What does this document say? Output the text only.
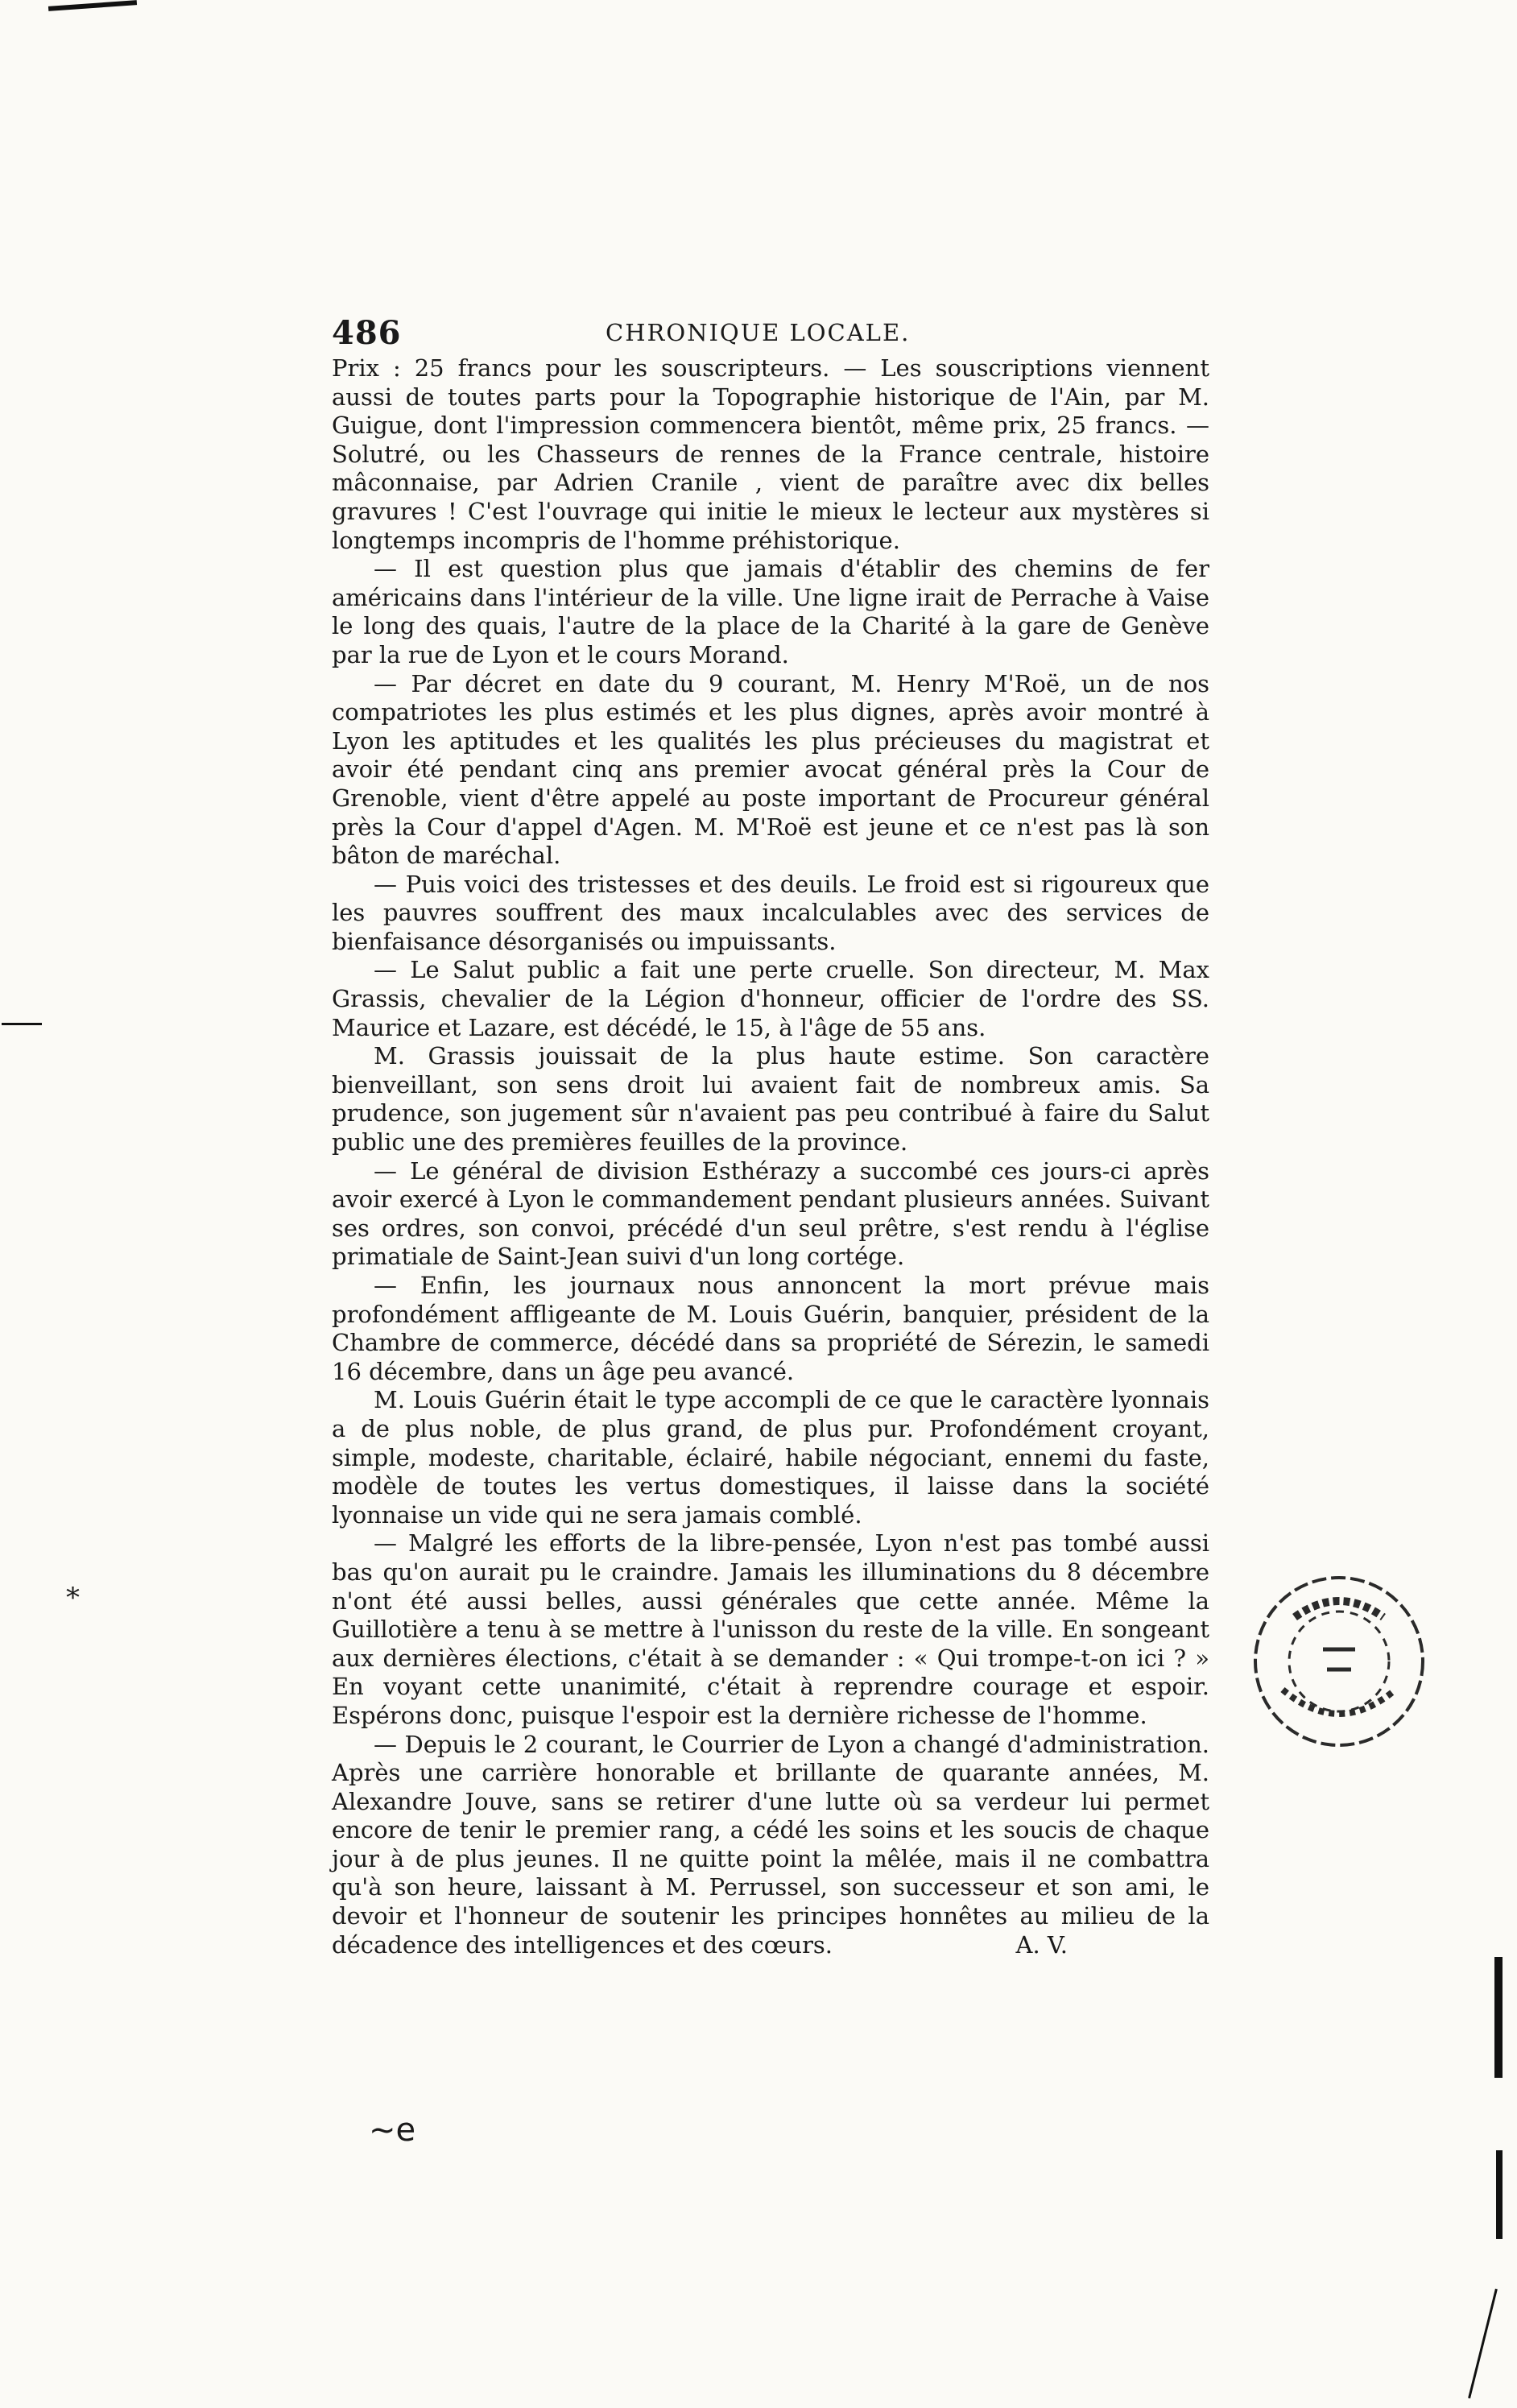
486	CHRONIQUE LOCALE.

Prix : 25 francs pour les souscripteurs. — Les souscriptions viennent aussi de toutes parts pour la Topographie historique de l'Ain, par M. Guigue, dont l'impression commencera bientôt, même prix, 25 francs. — Solutré, ou les Chasseurs de rennes de la France centrale, histoire mâconnaise, par Adrien Cranile , vient de paraître avec dix belles gravures ! C'est l'ouvrage qui initie le mieux le lecteur aux mystères si longtemps incompris de l'homme préhistorique.

— Il est question plus que jamais d'établir des chemins de fer américains dans l'intérieur de la ville. Une ligne irait de Perrache à Vaise le long des quais, l'autre de la place de la Charité à la gare de Genève par la rue de Lyon et le cours Morand.

— Par décret en date du 9 courant, M. Henry M'Roë, un de nos compatriotes les plus estimés et les plus dignes, après avoir montré à Lyon les aptitudes et les qualités les plus précieuses du magistrat et avoir été pendant cinq ans premier avocat général près la Cour de Grenoble, vient d'être appelé au poste important de Procureur général près la Cour d'appel d'Agen. M. M'Roë est jeune et ce n'est pas là son bâton de maréchal.

— Puis voici des tristesses et des deuils. Le froid est si rigoureux que les pauvres souffrent des maux incalculables avec des services de bienfaisance désorganisés ou impuissants.

— Le Salut public a fait une perte cruelle. Son directeur, M. Max Grassis, chevalier de la Légion d'honneur, officier de l'ordre des SS. Maurice et Lazare, est décédé, le 15, à l'âge de 55 ans.

M. Grassis jouissait de la plus haute estime. Son caractère bienveillant, son sens droit lui avaient fait de nombreux amis. Sa prudence, son jugement sûr n'avaient pas peu contribué à faire du Salut public une des premières feuilles de la province.

— Le général de division Esthérazy a succombé ces jours-ci après avoir exercé à Lyon le commandement pendant plusieurs années. Suivant ses ordres, son convoi, précédé d'un seul prêtre, s'est rendu à l'église primatiale de Saint-Jean suivi d'un long cortége.

— Enfin, les journaux nous annoncent la mort prévue mais profondément affligeante de M. Louis Guérin, banquier, président de la Chambre de commerce, décédé dans sa propriété de Sérezin, le samedi 16 décembre, dans un âge peu avancé.

M. Louis Guérin était le type accompli de ce que le caractère lyonnais a de plus noble, de plus grand, de plus pur. Profondément croyant, simple, modeste, charitable, éclairé, habile négociant, ennemi du faste, modèle de toutes les vertus domestiques, il laisse dans la société lyonnaise un vide qui ne sera jamais comblé.

— Malgré les efforts de la libre-pensée, Lyon n'est pas tombé aussi bas qu'on aurait pu le craindre. Jamais les illuminations du 8 décembre n'ont été aussi belles, aussi générales que cette année. Même la Guillotière a tenu à se mettre à l'unisson du reste de la ville. En songeant aux dernières élections, c'était à se demander : « Qui trompe-t-on ici ? » En voyant cette unanimité, c'était à reprendre courage et espoir. Espérons donc, puisque l'espoir est la dernière richesse de l'homme.

— Depuis le 2 courant, le Courrier de Lyon a changé d'administration. Après une carrière honorable et brillante de quarante années, M. Alexandre Jouve, sans se retirer d'une lutte où sa verdeur lui permet encore de tenir le premier rang, a cédé les soins et les soucis de chaque jour à de plus jeunes. Il ne quitte point la mêlée, mais il ne combattra qu'à son heure, laissant à M. Perrussel, son successeur et son ami, le devoir et l'honneur de soutenir les principes honnêtes au milieu de la décadence des intelligences et des cœurs.	A. V.
*
~e
